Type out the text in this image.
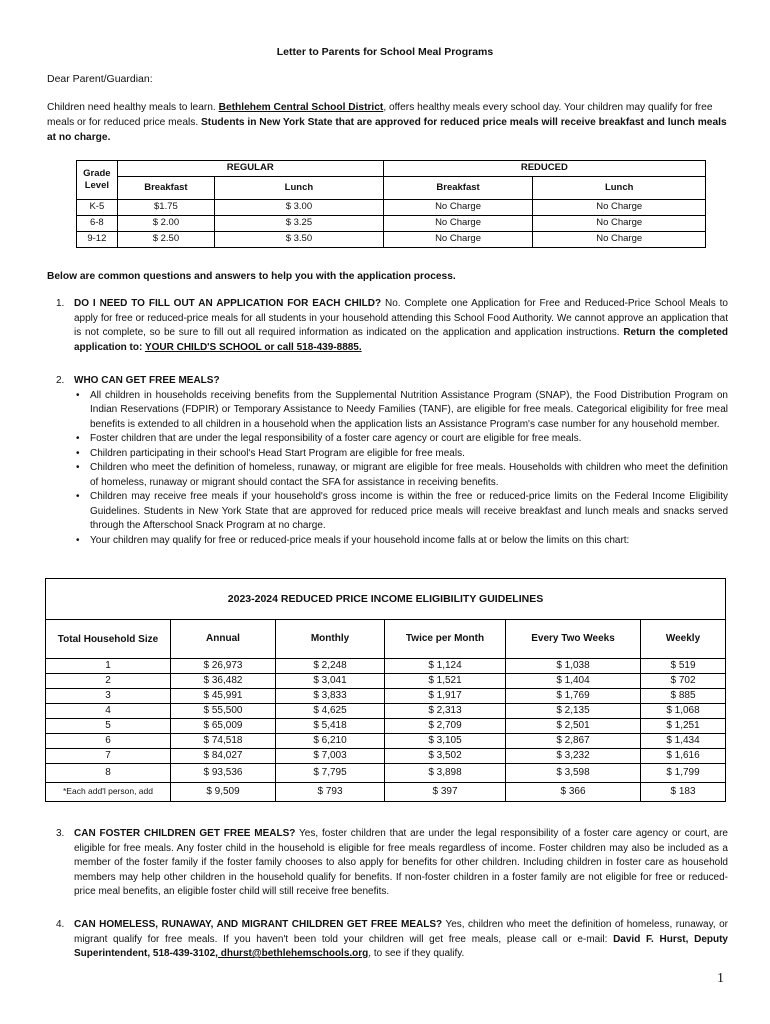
Letter to Parents for School Meal Programs
Dear Parent/Guardian:
Children need healthy meals to learn. Bethlehem Central School District, offers healthy meals every school day. Your children may qualify for free meals or for reduced price meals. Students in New York State that are approved for reduced price meals will receive breakfast and lunch meals at no charge.
Grade Level	REGULAR		REDUCED	
	Breakfast	Lunch	Breakfast	Lunch
K-5	$1.75	$ 3.00	No Charge	No Charge
6-8	$ 2.00	$ 3.25	No Charge	No Charge
9-12	$ 2.50	$ 3.50	No Charge	No Charge
Below are common questions and answers to help you with the application process.
1. DO I NEED TO FILL OUT AN APPLICATION FOR EACH CHILD? No. Complete one Application for Free and Reduced-Price School Meals to apply for free or reduced-price meals for all students in your household attending this School Food Authority. We cannot approve an application that is not complete, so be sure to fill out all required information as indicated on the application and application instructions. Return the completed application to: YOUR CHILD'S SCHOOL or call 518-439-8885.
2. WHO CAN GET FREE MEALS?
• All children in households receiving benefits from the Supplemental Nutrition Assistance Program (SNAP), the Food Distribution Program on Indian Reservations (FDPIR) or Temporary Assistance to Needy Families (TANF), are eligible for free meals. Categorical eligibility for free meal benefits is extended to all children in a household when the application lists an Assistance Program's case number for any household member.
• Foster children that are under the legal responsibility of a foster care agency or court are eligible for free meals.
• Children participating in their school's Head Start Program are eligible for free meals.
• Children who meet the definition of homeless, runaway, or migrant are eligible for free meals. Households with children who meet the definition of homeless, runaway or migrant should contact the SFA for assistance in receiving benefits.
• Children may receive free meals if your household's gross income is within the free or reduced-price limits on the Federal Income Eligibility Guidelines. Students in New York State that are approved for reduced price meals will receive breakfast and lunch meals and snacks served through the Afterschool Snack Program at no charge.
• Your children may qualify for free or reduced-price meals if your household income falls at or below the limits on this chart:
2023-2024 REDUCED PRICE INCOME ELIGIBILITY GUIDELINES					
Total Household Size	Annual	Monthly	Twice per Month	Every Two Weeks	Weekly
1	$ 26,973	$ 2,248	$ 1,124	$ 1,038	$ 519
2	$ 36,482	$ 3,041	$ 1,521	$ 1,404	$ 702
3	$ 45,991	$ 3,833	$ 1,917	$ 1,769	$ 885
4	$ 55,500	$ 4,625	$ 2,313	$ 2,135	$ 1,068
5	$ 65,009	$ 5,418	$ 2,709	$ 2,501	$ 1,251
6	$ 74,518	$ 6,210	$ 3,105	$ 2,867	$ 1,434
7	$ 84,027	$ 7,003	$ 3,502	$ 3,232	$ 1,616
8	$ 93,536	$ 7,795	$ 3,898	$ 3,598	$ 1,799
*Each add'l person, add	$ 9,509	$ 793	$ 397	$ 366	$ 183
3. CAN FOSTER CHILDREN GET FREE MEALS? Yes, foster children that are under the legal responsibility of a foster care agency or court, are eligible for free meals. Any foster child in the household is eligible for free meals regardless of income. Foster children may also be included as a member of the foster family if the foster family chooses to also apply for benefits for other children. Including children in foster care as household members may help other children in the household qualify for benefits. If non-foster children in a foster family are not eligible for free or reduced-price meal benefits, an eligible foster child will still receive free benefits.
4. CAN HOMELESS, RUNAWAY, AND MIGRANT CHILDREN GET FREE MEALS? Yes, children who meet the definition of homeless, runaway, or migrant qualify for free meals. If you haven't been told your children will get free meals, please call or e-mail: David F. Hurst, Deputy Superintendent, 518-439-3102, dhurst@bethlehemschools.org, to see if they qualify.
1
